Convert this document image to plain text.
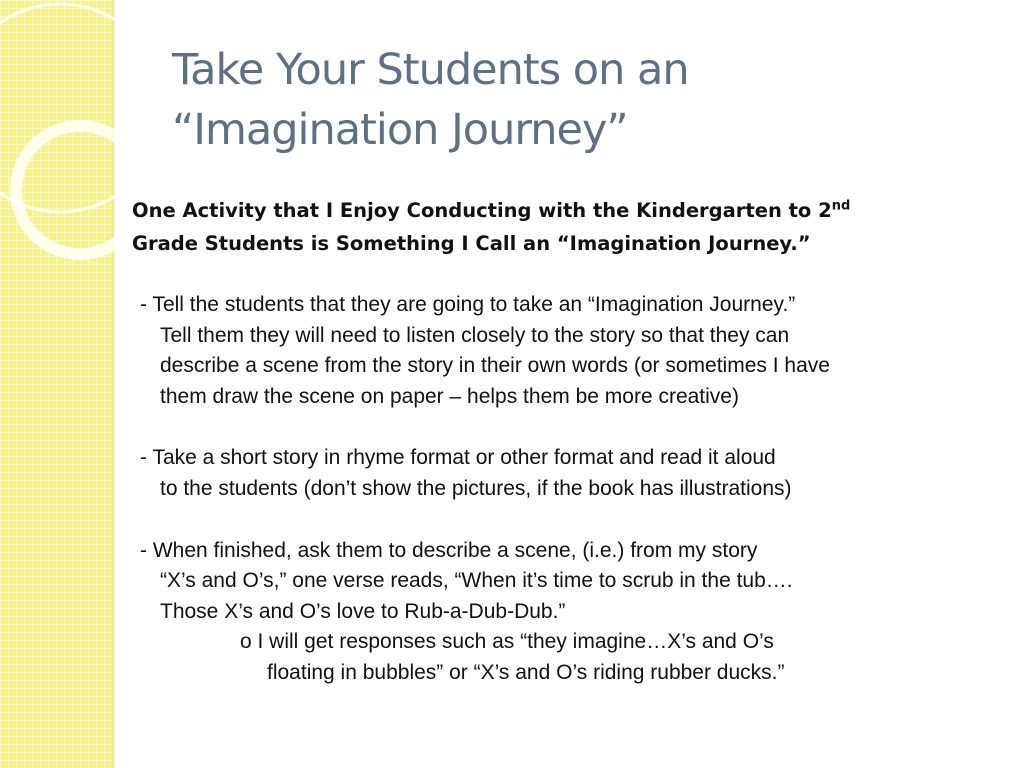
Take Your Students on an
“Imagination Journey”

One Activity that I Enjoy Conducting with the Kindergarten to 2nd
Grade Students is Something I Call an “Imagination Journey.”

- Tell the students that they are going to take an “Imagination Journey.”
Tell them they will need to listen closely to the story so that they can
describe a scene from the story in their own words (or sometimes I have
them draw the scene on paper – helps them be more creative)
- Take a short story in rhyme format or other format and read it aloud
to the students (don’t show the pictures, if the book has illustrations)
- When finished, ask them to describe a scene, (i.e.) from my story
“X’s and O’s,” one verse reads, “When it’s time to scrub in the tub….
Those X’s and O’s love to Rub-a-Dub-Dub.”
o I will get responses such as “they imagine…X’s and O’s
floating in bubbles” or “X’s and O’s riding rubber ducks.”
